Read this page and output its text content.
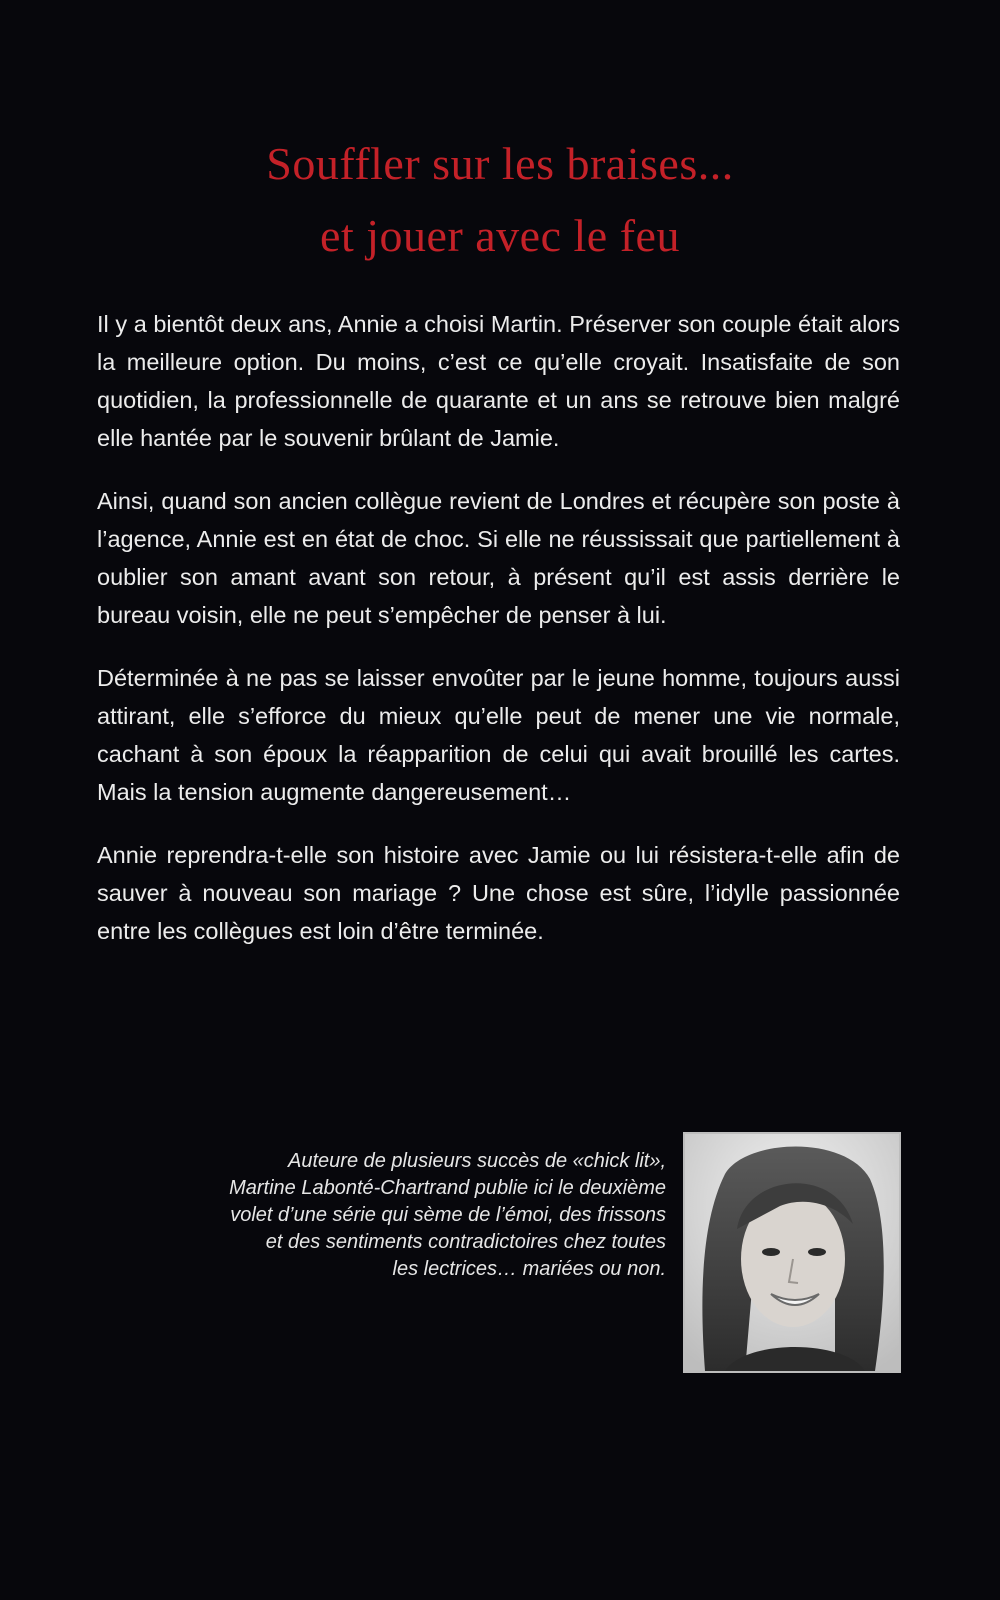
Souffler sur les braises...
et jouer avec le feu

Il y a bientôt deux ans, Annie a choisi Martin. Préserver son couple était alors la meilleure option. Du moins, c’est ce qu’elle croyait. Insatisfaite de son quotidien, la professionnelle de quarante et un ans se retrouve bien malgré elle hantée par le souvenir brûlant de Jamie.

Ainsi, quand son ancien collègue revient de Londres et récupère son poste à l’agence, Annie est en état de choc. Si elle ne réussissait que partiellement à oublier son amant avant son retour, à présent qu’il est assis derrière le bureau voisin, elle ne peut s’empêcher de penser à lui.

Déterminée à ne pas se laisser envoûter par le jeune homme, toujours aussi attirant, elle s’efforce du mieux qu’elle peut de mener une vie normale, cachant à son époux la réapparition de celui qui avait brouillé les cartes. Mais la tension augmente dangereusement…

Annie reprendra-t-elle son histoire avec Jamie ou lui résistera-t-elle afin de sauver à nouveau son mariage ? Une chose est sûre, l’idylle passionnée entre les collègues est loin d’être terminée.

Auteure de plusieurs succès de «chick lit»,
Martine Labonté-Chartrand publie ici le deuxième
volet d’une série qui sème de l’émoi, des frissons
et des sentiments contradictoires chez toutes
les lectrices… mariées ou non.
